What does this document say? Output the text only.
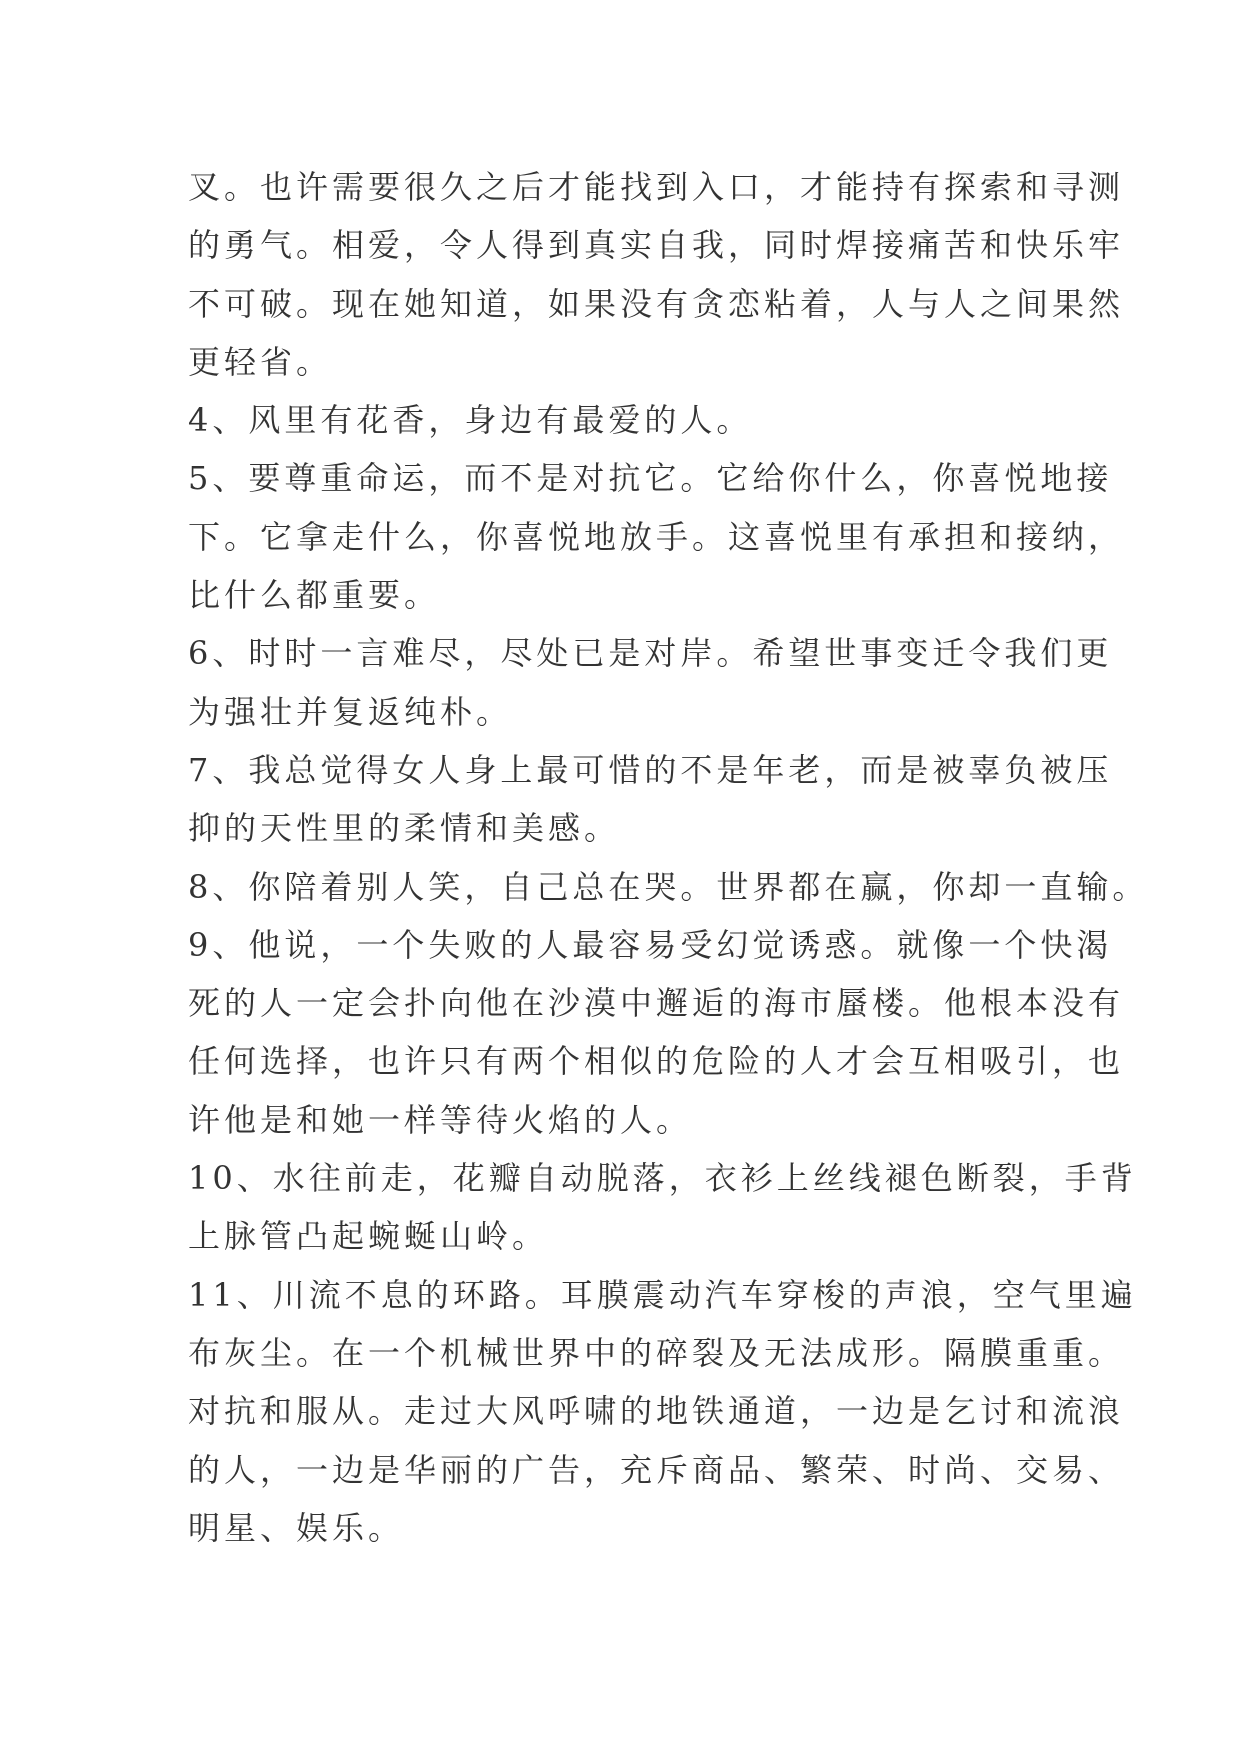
叉。也许需要很久之后才能找到入口，才能持有探索和寻测
的勇气。相爱，令人得到真实自我，同时焊接痛苦和快乐牢
不可破。现在她知道，如果没有贪恋粘着，人与人之间果然
更轻省。
4、风里有花香，身边有最爱的人。
5、要尊重命运，而不是对抗它。它给你什么，你喜悦地接
下。它拿走什么，你喜悦地放手。这喜悦里有承担和接纳，
比什么都重要。
6、时时一言难尽，尽处已是对岸。希望世事变迁令我们更
为强壮并复返纯朴。
7、我总觉得女人身上最可惜的不是年老，而是被辜负被压
抑的天性里的柔情和美感。
8、你陪着别人笑，自己总在哭。世界都在赢，你却一直输。
9、他说，一个失败的人最容易受幻觉诱惑。就像一个快渴
死的人一定会扑向他在沙漠中邂逅的海市蜃楼。他根本没有
任何选择，也许只有两个相似的危险的人才会互相吸引，也
许他是和她一样等待火焰的人。
10、水往前走，花瓣自动脱落，衣衫上丝线褪色断裂，手背
上脉管凸起蜿蜒山岭。
11、川流不息的环路。耳膜震动汽车穿梭的声浪，空气里遍
布灰尘。在一个机械世界中的碎裂及无法成形。隔膜重重。
对抗和服从。走过大风呼啸的地铁通道，一边是乞讨和流浪
的人，一边是华丽的广告，充斥商品、繁荣、时尚、交易、
明星、娱乐。
